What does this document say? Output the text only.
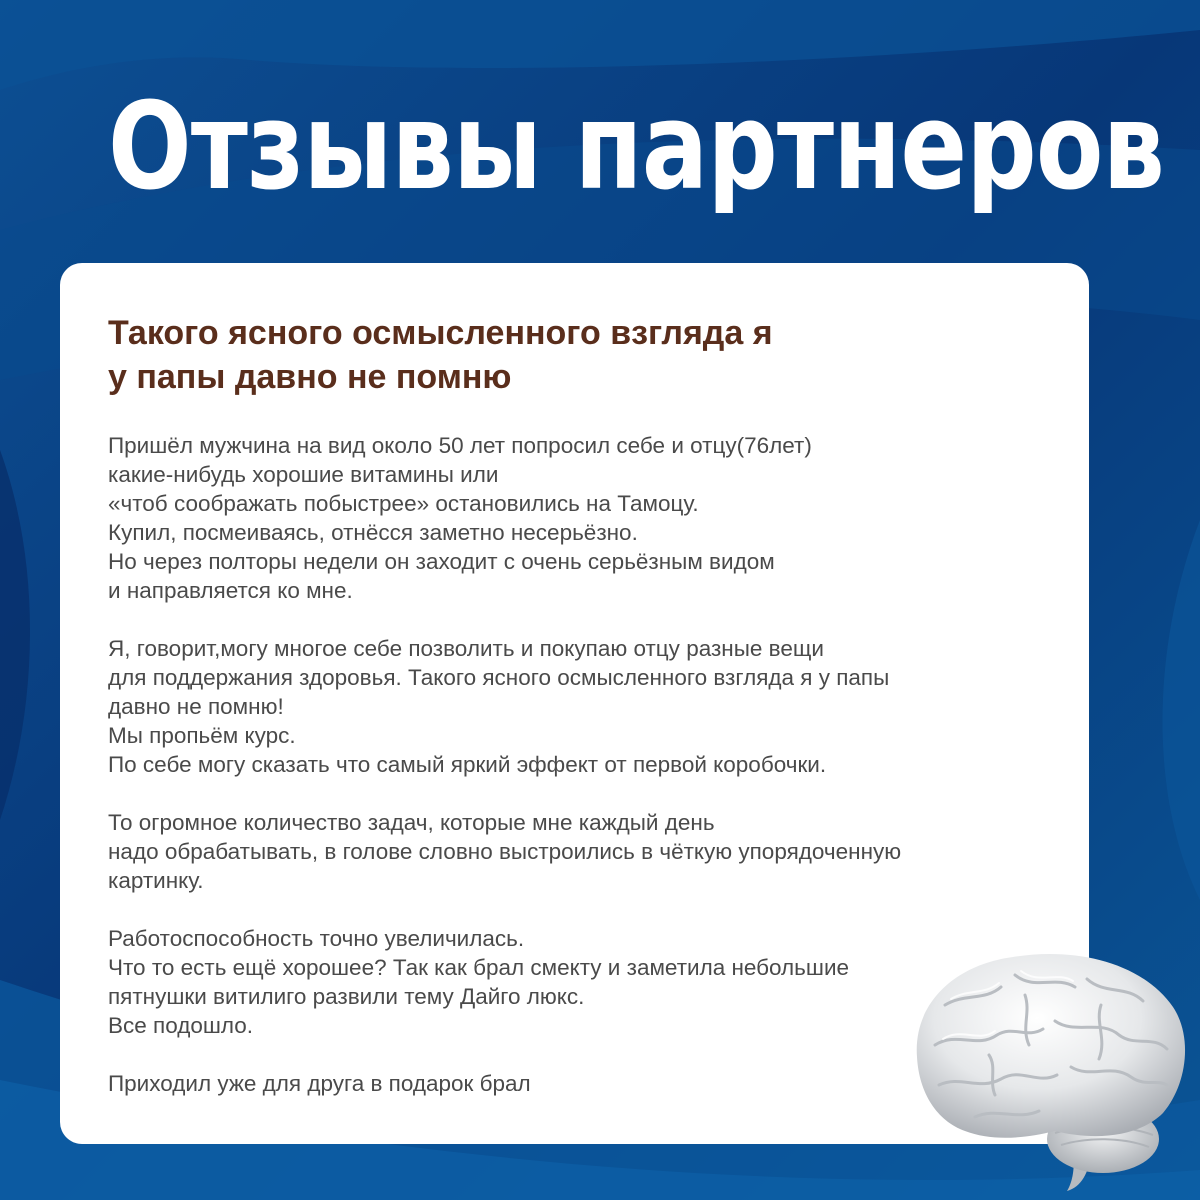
Отзывы партнеров
Такого ясного осмысленного взгляда я
у папы давно не помню

Пришёл мужчина на вид около 50 лет попросил себе и отцу(76лет)
какие-нибудь хорошие витамины или
«чтоб соображать побыстрее» остановились на Тамоцу.
Купил, посмеиваясь, отнёсся заметно несерьёзно.
Но через полторы недели он заходит с очень серьёзным видом
и направляется ко мне.

Я, говорит,могу многое себе позволить и покупаю отцу разные вещи
для поддержания здоровья. Такого ясного осмысленного взгляда я у папы
давно не помню!
Мы пропьём курс.
По себе могу сказать что самый яркий эффект от первой коробочки.

То огромное количество задач, которые мне каждый день
надо обрабатывать, в голове словно выстроились в чёткую упорядоченную
картинку.

Работоспособность точно увеличилась.
Что то есть ещё хорошее? Так как брал смекту и заметила небольшие
пятнушки витилиго развили тему Дайго люкс.
Все подошло.

Приходил уже для друга в подарок брал
